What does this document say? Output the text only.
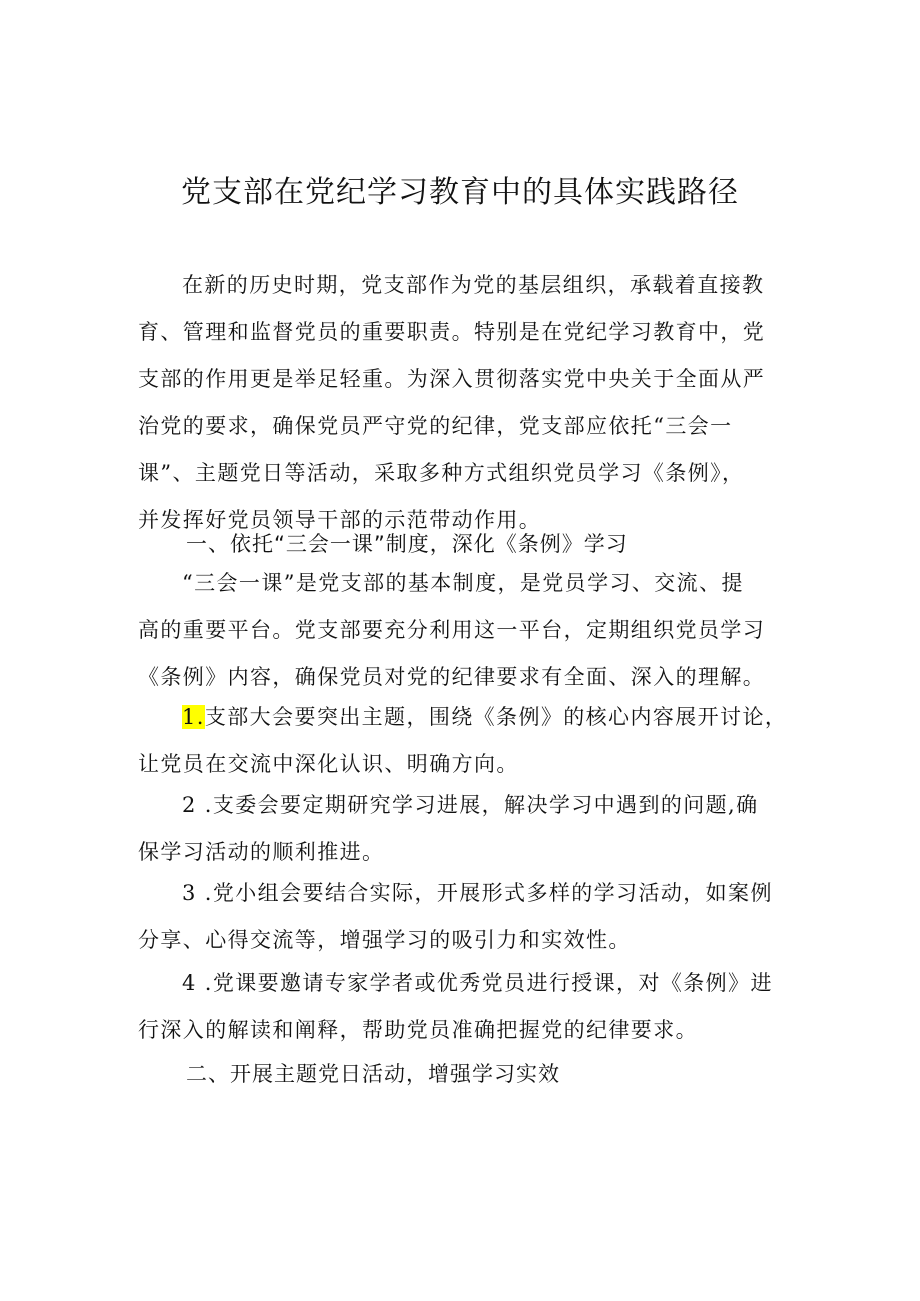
党支部在党纪学习教育中的具体实践路径
在新的历史时期，党支部作为党的基层组织，承载着直接教
育、管理和监督党员的重要职责。特别是在党纪学习教育中，党
支部的作用更是举足轻重。为深入贯彻落实党中央关于全面从严
治党的要求，确保党员严守党的纪律，党支部应依托“三会一
课”、主题党日等活动，采取多种方式组织党员学习《条例》，
并发挥好党员领导干部的示范带动作用。
一、依托“三会一课”制度，深化《条例》学习
“三会一课”是党支部的基本制度，是党员学习、交流、提
高的重要平台。党支部要充分利用这一平台，定期组织党员学习
《条例》内容，确保党员对党的纪律要求有全面、深入的理解。
1.支部大会要突出主题，围绕《条例》的核心内容展开讨论，
让党员在交流中深化认识、明确方向。
2 .支委会要定期研究学习进展，解决学习中遇到的问题,确
保学习活动的顺利推进。
3 .党小组会要结合实际，开展形式多样的学习活动，如案例
分享、心得交流等，增强学习的吸引力和实效性。
4 .党课要邀请专家学者或优秀党员进行授课，对《条例》进
行深入的解读和阐释，帮助党员准确把握党的纪律要求。
二、开展主题党日活动，增强学习实效
